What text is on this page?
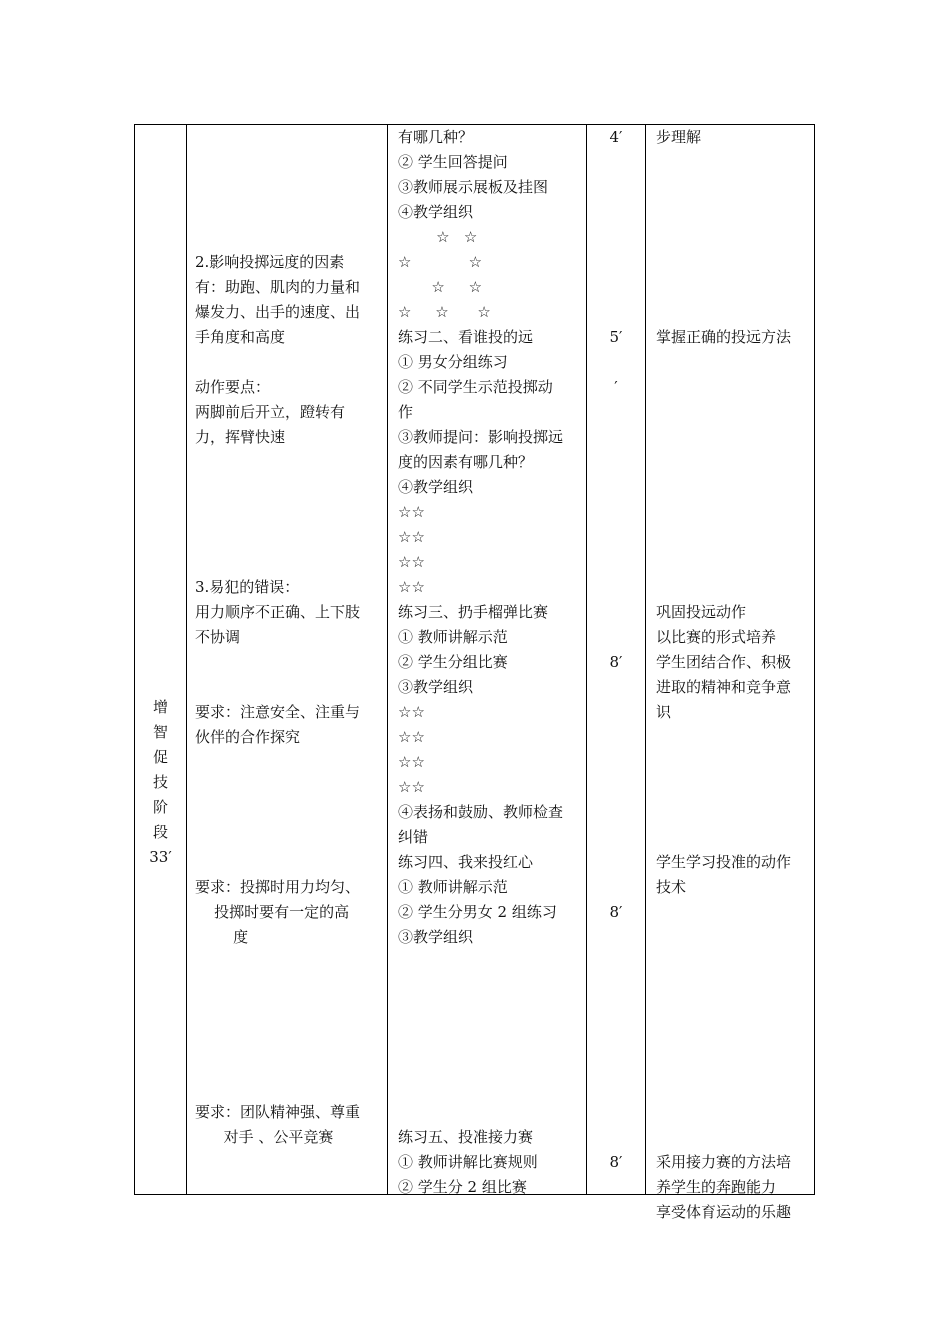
增
智
促
技
阶
段
33′
2.影响投掷远度的因素
有：助跑、肌肉的力量和
爆发力、出手的速度、出
手角度和高度
动作要点：
两脚前后开立，蹬转有
力，挥臂快速
3.易犯的错误：
用力顺序不正确、上下肢
不协调
要求：注意安全、注重与
伙伴的合作探究
要求：投掷时用力均匀、
投掷时要有一定的高
度
要求：团队精神强、尊重
对手 、公平竞赛
有哪几种？
② 学生回答提问
③教师展示展板及挂图
④教学组织
☆   ☆
☆            ☆
☆     ☆
☆     ☆      ☆
练习二、看谁投的远
① 男女分组练习
② 不同学生示范投掷动
作
③教师提问：影响投掷远
度的因素有哪几种？
④教学组织
☆☆
☆☆
☆☆
☆☆
练习三、扔手榴弹比赛
① 教师讲解示范
② 学生分组比赛
③教学组织
☆☆
☆☆
☆☆
☆☆
④表扬和鼓励、教师检查
纠错
练习四、我来投红心
① 教师讲解示范
② 学生分男女 2 组练习
③教学组织
练习五、投准接力赛
① 教师讲解比赛规则
② 学生分 2 组比赛
4′
5′
′
8′
8′
8′
步理解
掌握正确的投远方法
巩固投远动作
以比赛的形式培养
学生团结合作、积极
进取的精神和竞争意
识
学生学习投准的动作
技术
采用接力赛的方法培
养学生的奔跑能力
享受体育运动的乐趣
